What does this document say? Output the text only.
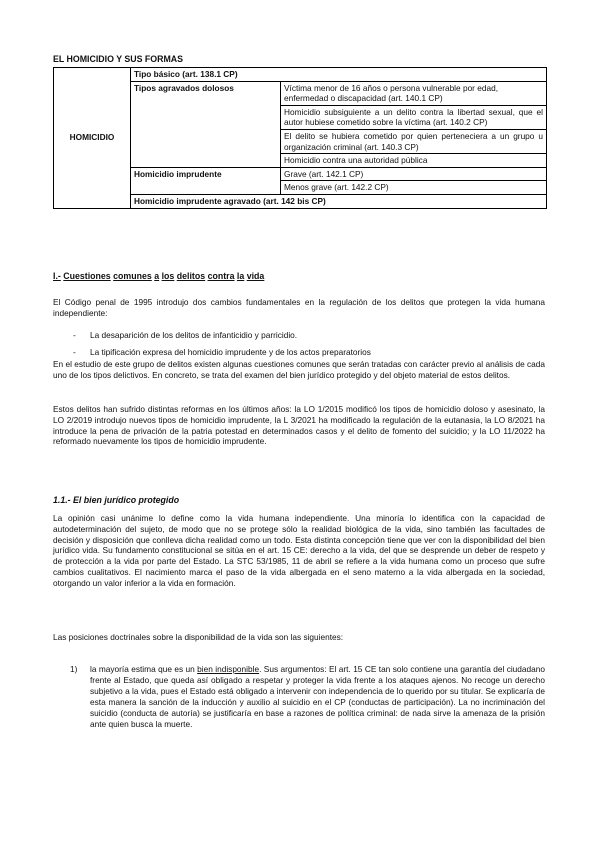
EL HOMICIDIO Y SUS FORMAS
HOMICIDIO	Tipo básico (art. 138.1 CP)	
	Tipos agravados dolosos	Víctima menor de 16 años o persona vulnerable por edad, enfermedad o discapacidad (art. 140.1 CP)
		Homicidio subsiguiente a un delito contra la libertad sexual, que el autor hubiese cometido sobre la víctima (art. 140.2 CP)
		El delito se hubiera cometido por quien perteneciera a un grupo u organización criminal (art. 140.3 CP)
		Homicidio contra una autoridad pública
	Homicidio imprudente	Grave (art. 142.1 CP)
		Menos grave (art. 142.2 CP)
	Homicidio imprudente agravado (art. 142 bis CP)	
I.- Cuestiones comunes a los delitos contra la vida
El Código penal de 1995 introdujo dos cambios fundamentales en la regulación de los delitos que protegen la vida humana independiente:
- La desaparición de los delitos de infanticidio y parricidio.
- La tipificación expresa del homicidio imprudente y de los actos preparatorios
En el estudio de este grupo de delitos existen algunas cuestiones comunes que serán tratadas con carácter previo al análisis de cada uno de los tipos delictivos. En concreto, se trata del examen del bien jurídico protegido y del objeto material de estos delitos.
Estos delitos han sufrido distintas reformas en los últimos años: la LO 1/2015 modificó los tipos de homicidio doloso y asesinato, la LO 2/2019 introdujo nuevos tipos de homicidio imprudente, la L 3/2021 ha modificado la regulación de la eutanasia, la LO 8/2021 ha introduce la pena de privación de la patria potestad en determinados casos y el delito de fomento del suicidio; y la LO 11/2022 ha reformado nuevamente los tipos de homicidio imprudente.
1.1.- El bien jurídico protegido
La opinión casi unánime lo define como la vida humana independiente. Una minoría lo identifica con la capacidad de autodeterminación del sujeto, de modo que no se protege sólo la realidad biológica de la vida, sino también las facultades de decisión y disposición que conlleva dicha realidad como un todo. Esta distinta concepción tiene que ver con la disponibilidad del bien jurídico vida. Su fundamento constitucional se sitúa en el art. 15 CE: derecho a la vida, del que se desprende un deber de respeto y de protección a la vida por parte del Estado. La STC 53/1985, 11 de abril se refiere a la vida humana como un proceso que sufre cambios cualitativos. El nacimiento marca el paso de la vida albergada en el seno materno a la vida albergada en la sociedad, otorgando un valor inferior a la vida en formación.
Las posiciones doctrinales sobre la disponibilidad de la vida son las siguientes:
1) la mayoría estima que es un bien indisponible. Sus argumentos: El art. 15 CE tan solo contiene una garantía del ciudadano frente al Estado, que queda así obligado a respetar y proteger la vida frente a los ataques ajenos. No recoge un derecho subjetivo a la vida, pues el Estado está obligado a intervenir con independencia de lo querido por su titular. Se explicaría de esta manera la sanción de la inducción y auxilio al suicidio en el CP (conductas de participación). La no incriminación del suicidio (conducta de autoría) se justificaría en base a razones de política criminal: de nada sirve la amenaza de la prisión ante quien busca la muerte.
